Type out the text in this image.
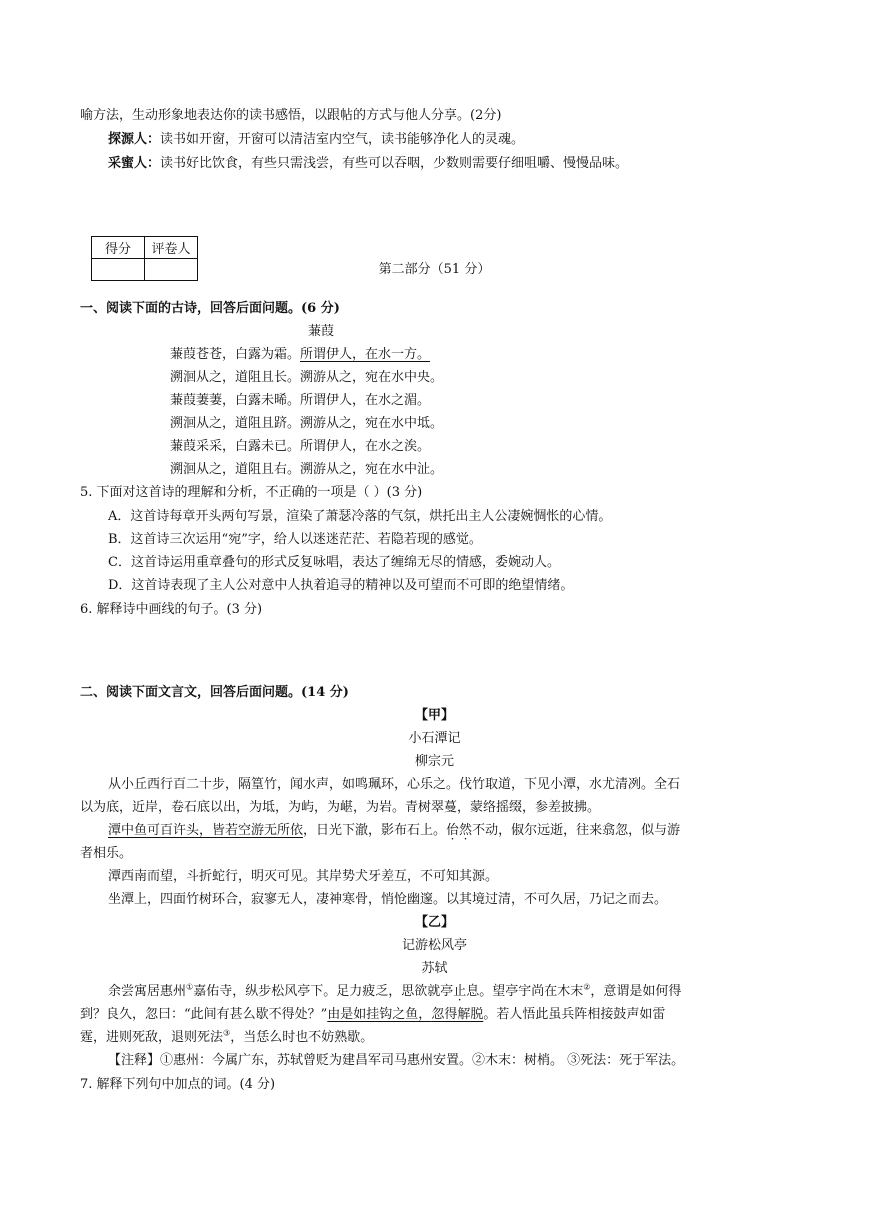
喻方法，生动形象地表达你的读书感悟，以跟帖的方式与他人分享。(2分)
探源人：读书如开窗，开窗可以清洁室内空气，读书能够净化人的灵魂。
采蜜人：读书好比饮食，有些只需浅尝，有些可以吞咽，少数则需要仔细咀嚼、慢慢品味。
得分	评卷人

第二部分（51 分）
一、阅读下面的古诗，回答后面问题。(6 分)
蒹葭
蒹葭苍苍，白露为霜。所谓伊人，在水一方。
溯洄从之，道阻且长。溯游从之，宛在水中央。
蒹葭萋萋，白露未晞。所谓伊人，在水之湄。
溯洄从之，道阻且跻。溯游从之，宛在水中坻。
蒹葭采采，白露未已。所谓伊人，在水之涘。
溯洄从之，道阻且右。溯游从之，宛在水中沚。
5. 下面对这首诗的理解和分析，不正确的一项是（ ）(3 分)
A．这首诗每章开头两句写景，渲染了萧瑟冷落的气氛，烘托出主人公凄婉惆怅的心情。
B．这首诗三次运用“宛”字，给人以迷迷茫茫、若隐若现的感觉。
C．这首诗运用重章叠句的形式反复咏唱，表达了缠绵无尽的情感，委婉动人。
D．这首诗表现了主人公对意中人执着追寻的精神以及可望而不可即的绝望情绪。
6. 解释诗中画线的句子。(3 分)
二、阅读下面文言文，回答后面问题。(14 分)
【甲】
小石潭记
柳宗元
从小丘西行百二十步，隔篁竹，闻水声，如鸣珮环，心乐之。伐竹取道，下见小潭，水尤清冽。全石
以为底，近岸，卷石底以出，为坻，为屿，为嵁，为岩。青树翠蔓，蒙络摇缀，参差披拂。
潭中鱼可百许头，皆若空游无所依，日光下澈，影布石上。佁然不动，俶尔远逝，往来翕忽，似与游
者相乐。
潭西南而望，斗折蛇行，明灭可见。其岸势犬牙差互，不可知其源。
坐潭上，四面竹树环合，寂寥无人，凄神寒骨，悄怆幽邃。以其境过清，不可久居，乃记之而去。
【乙】
记游松风亭
苏轼
余尝寓居惠州①嘉佑寺，纵步松风亭下。足力疲乏，思欲就亭止息。望亭宇尚在木末②，意谓是如何得
到？良久，忽曰：“此间有甚么歇不得处？”由是如挂钩之鱼，忽得解脱。若人悟此虽兵阵相接鼓声如雷
霆，进则死敌，退则死法③，当恁么时也不妨熟歇。
【注释】①惠州：今属广东，苏轼曾贬为建昌军司马惠州安置。②木末：树梢。 ③死法：死于军法。
7. 解释下列句中加点的词。(4 分)
